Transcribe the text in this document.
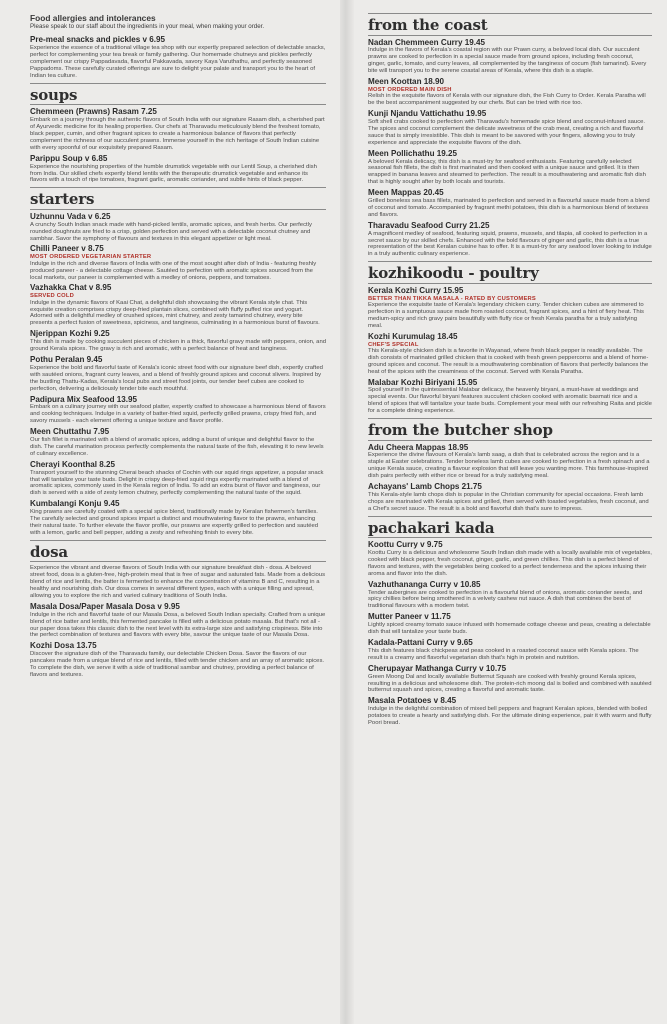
Food allergies and intolerances

Please speak to our staff about the ingredients in your meal, when making your order.

Pre-meal snacks and pickles v 6.95

Experience the essence of a traditional village tea shop with our expertly prepared selection of delectable snacks, perfect for complementing your tea break or family gathering. Our homemade chutneys and pickles perfectly complement our crispy Pappadavada, flavorful Pakkavada, savory Kaya Varuthathu, and perfectly seasoned Pappadoms. These carefully curated offerings are sure to delight your palate and transport you to the heart of Indian tea culture.

soups

Chemmeen (Prawns) Rasam 7.25

Embark on a journey through the authentic flavors of South India with our signature Rasam dish, a cherished part of Ayurvedic medicine for its healing properties. Our chefs at Tharavadu meticulously blend the freshest tomato, black pepper, cumin, and other fragrant spices to create a harmonious balance of flavors that perfectly complement the richness of our succulent prawns. Immerse yourself in the rich heritage of South Indian cuisine with every spoonful of our exquisitely prepared Rasam.

Parippu Soup v 6.85

Experience the nourishing properties of the humble drumstick vegetable with our Lentil Soup, a cherished dish from India. Our skilled chefs expertly blend lentils with the therapeutic drumstick vegetable and enhance its flavors with a touch of ripe tomatoes, fragrant garlic, aromatic coriander, and subtle hints of black pepper.

starters

Uzhunnu Vada v 6.25

A crunchy South Indian snack made with hand-picked lentils, aromatic spices, and fresh herbs. Our perfectly rounded doughnuts are fried to a crisp, golden perfection and served with a delectable coconut chutney and sambhar. Savor the symphony of flavours and textures in this elegant appetizer or light meal.

Chilli Paneer v 8.75

MOST ORDERED VEGETARIAN STARTER

Indulge in the rich and diverse flavors of India with one of the most sought after dish of India - featuring freshly produced paneer - a delectable cottage cheese. Sautéed to perfection with aromatic spices sourced from the local markets, our paneer is complemented with a medley of onions, peppers, and tomatoes.

Vazhakka Chat v 8.95

SERVED COLD

Indulge in the dynamic flavors of Kaai Chat, a delightful dish showcasing the vibrant Kerala style chat. This exquisite creation comprises crispy deep-fried plantain slices, combined with fluffy puffed rice and yogurt. Adorned with a delightful medley of crushed spices, mint chutney, and zesty tamarind chutney, every bite presents a perfect fusion of sweetness, spiciness, and tanginess, culminating in a harmonious burst of flavours.

Njerippan Kozhi 9.25

This dish is made by cooking succulent pieces of chicken in a thick, flavorful gravy made with peppers, onion, and ground Kerala spices. The gravy is rich and aromatic, with a perfect balance of heat and tanginess.

Pothu Peralan 9.45

Experience the bold and flavorful taste of Kerala's iconic street food with our signature beef dish, expertly crafted with sautéed onions, fragrant curry leaves, and a blend of freshly ground spices and coconut slivers. Inspired by the bustling Thattu-Kadas, Kerala's local pubs and street food joints, our tender beef cubes are cooked to perfection, delivering a deliciously tender bite each mouthful.

Padipura Mix Seafood 13.95

Embark on a culinary journey with our seafood platter, expertly crafted to showcase a harmonious blend of flavors and cooking techniques. Indulge in a variety of batter-fried squid, perfectly grilled prawns, crispy fried fish, and savory mussels - each element offering a unique texture and flavor profile.

Meen Chuttathu 7.95

Our fish fillet is marinated with a blend of aromatic spices, adding a burst of unique and delightful flavor to the dish. The careful marination process perfectly complements the natural taste of the fish, elevating it to new levels of culinary excellence.

Cherayi Koonthal 8.25

Transport yourself to the stunning Cherai beach shacks of Cochin with our squid rings appetizer, a popular snack that will tantalize your taste buds. Delight in crispy deep-fried squid rings expertly marinated with a blend of aromatic spices, commonly used in the Kerala region of India. To add an extra burst of flavor and tanginess, our dish is served with a side of zesty lemon chutney, perfectly complementing the natural taste of the squid.

Kumbalangi Konju 9.45

King prawns are carefully coated with a special spice blend, traditionally made by Keralan fishermen's families. The carefully selected and ground spices impart a distinct and mouthwatering flavor to the prawns, enhancing their natural taste. To further elevate the flavor profile, our prawns are expertly grilled to perfection and sautéed with a lemon, garlic and bell pepper, adding a zesty and refreshing finish to every bite.

dosa

Experience the vibrant and diverse flavors of South India with our signature breakfast dish - dosa. A beloved street food, dosa is a gluten-free, high-protein meal that is free of sugar and saturated fats. Made from a delicious blend of rice and lentils, the batter is fermented to enhance the concentration of vitamins B and C, resulting in a healthy and nourishing dish. Our dosa comes in several different types, each with a unique filling and spread, allowing you to explore the rich and varied culinary traditions of South India.

Masala Dosa/Paper Masala Dosa v 9.95

Indulge in the rich and flavorful taste of our Masala Dosa, a beloved South Indian specialty. Crafted from a unique blend of rice batter and lentils, this fermented pancake is filled with a delicious potato masala. But that's not all - our paper dosa takes this classic dish to the next level with its extra-large size and satisfying crispiness. Bite into the perfect combination of textures and flavors with every bite, savour the unique taste of our Masala Dosa.

Kozhi Dosa 13.75

Discover the signature dish of the Tharavadu family, our delectable Chicken Dosa. Savor the flavors of our pancakes made from a unique blend of rice and lentils, filled with tender chicken and an array of aromatic spices. To complete the dish, we serve it with a side of traditional sambar and chutney, providing a perfect balance of flavors and textures.

from the coast

Nadan Chemmeen Curry 19.45

Indulge in the flavors of Kerala's coastal region with our Prawn curry, a beloved local dish. Our succulent prawns are cooked to perfection in a special sauce made from ground spices, including fresh coconut, ginger, garlic, tomato, and curry leaves, all complemented by the tanginess of cocum (fish tamarind). Every bite will transport you to the serene coastal areas of Kerala, where this dish is a staple.

Meen Koottan 18.90

MOST ORDERED MAIN DISH

Relish in the exquisite flavors of Kerala with our signature dish, the Fish Curry to Order. Kerala Paratha will be the best accompaniment suggested by our chefs. But can be tried with rice too.

Kunji Njandu Vattichathu 19.95

Soft shell crabs cooked to perfection with Tharavadu's homemade spice blend and coconut-infused sauce. The spices and coconut complement the delicate sweetness of the crab meat, creating a rich and flavorful sauce that is simply irresistible. This dish is meant to be savored with your fingers, allowing you to truly experience and appreciate the exquisite flavors of the dish.

Meen Pollichathu 19.25

A beloved Kerala delicacy, this dish is a must-try for seafood enthusiasts. Featuring carefully selected seasonal fish fillets, the dish is first marinated and then cooked with a unique sauce and grilled. It is then wrapped in banana leaves and steamed to perfection. The result is a mouthwatering and aromatic fish dish that is highly sought after by both locals and tourists.

Meen Mappas 20.45

Grilled boneless sea bass fillets, marinated to perfection and served in a flavourful sauce made from a blend of coconut and tomato. Accompanied by fragrant methi potatoes, this dish is a harmonious blend of textures and flavors.

Tharavadu Seafood Curry 21.25

A magnificent medley of seafood, featuring squid, prawns, mussels, and tilapia, all cooked to perfection in a secret sauce by our skilled chefs. Enhanced with the bold flavours of ginger and garlic, this dish is a true representation of the best Keralan cuisine has to offer. It is a must-try for any seafood lover looking to indulge in a truly authentic culinary experience.

kozhikoodu - poultry

Kerala Kozhi Curry 15.95

BETTER THAN TIKKA MASALA - RATED BY CUSTOMERS

Experience the exquisite taste of Kerala's legendary chicken curry. Tender chicken cubes are simmered to perfection in a sumptuous sauce made from roasted coconut, fragrant spices, and a hint of fiery heat. This medium-spicy and rich gravy pairs beautifully with fluffy rice or fresh Kerala paratha for a truly satisfying meal.

Kozhi Kurumulag 18.45

CHEF'S SPECIAL

This Kerala-style chicken dish is a favorite in Wayanad, where fresh black pepper is readily available. The dish consists of marinated grilled chicken that is cooked with fresh green peppercorns and a blend of home-ground spices and coconut. The result is a mouthwatering combination of flavors that perfectly balances the heat of the spices with the creaminess of the coconut. Served with Kerala Paratha.

Malabar Kozhi Biriyani 15.95

Spoil yourself in the quintessential Malabar delicacy, the heavenly biryani, a must-have at weddings and special events. Our flavorful biryani features succulent chicken cooked with aromatic basmati rice and a blend of spices that will tantalize your taste buds. Complement your meal with our refreshing Raita and pickle for a complete dining experience.

from the butcher shop

Adu Cheera Mappas 18.95

Experience the divine flavours of Kerala's lamb saag, a dish that is celebrated across the region and is a staple at Easter celebrations. Tender boneless lamb cubes are cooked to perfection in a fresh spinach and a unique Kerala sauce, creating a flavour explosion that will leave you wanting more. This farmhouse-inspired dish pairs perfectly with either rice or bread for a truly satisfying meal.

Achayans' Lamb Chops 21.75

This Kerala-style lamb chops dish is popular in the Christian community for special occasions. Fresh lamb chops are marinated with Kerala spices and grilled, then served with toasted vegetables, fresh coconut, and a Chef's secret sauce. The result is a bold and flavorful dish that's sure to impress.

pachakari kada

Koottu Curry v 9.75

Koottu Curry is a delicious and wholesome South Indian dish made with a locally available mix of vegetables, cooked with black pepper, fresh coconut, ginger, garlic, and green chillies. This dish is a perfect blend of flavors and textures, with the vegetables being cooked to a perfect tenderness and the spices infusing their aroma and flavor into the dish.

Vazhuthananga Curry v 10.85

Tender aubergines are cooked to perfection in a flavourful blend of onions, aromatic coriander seeds, and spicy chillies before being smothered in a velvety cashew nut sauce. A dish that combines the best of traditional flavours with a modern twist.

Mutter Paneer v 11.75

Lightly spiced creamy tomato sauce infused with homemade cottage cheese and peas, creating a delectable dish that will tantalize your taste buds.

Kadala-Pattani Curry v 9.65

This dish features black chickpeas and peas cooked in a roasted coconut sauce with Kerala spices. The result is a creamy and flavorful vegetarian dish that's high in protein and nutrition.

Cherupayar Mathanga Curry v 10.75

Green Moong Dal and locally available Butternut Squash are cooked with freshly ground Kerala spices, resulting in a delicious and wholesome dish. The protein-rich moong dal is boiled and combined with sautéed butternut squash and spices, creating a flavorful and aromatic taste.

Masala Potatoes v 8.45

Indulge in the delightful combination of mixed bell peppers and fragrant Keralan spices, blended with boiled potatoes to create a hearty and satisfying dish. For the ultimate dining experience, pair it with warm and fluffy Poori bread.
